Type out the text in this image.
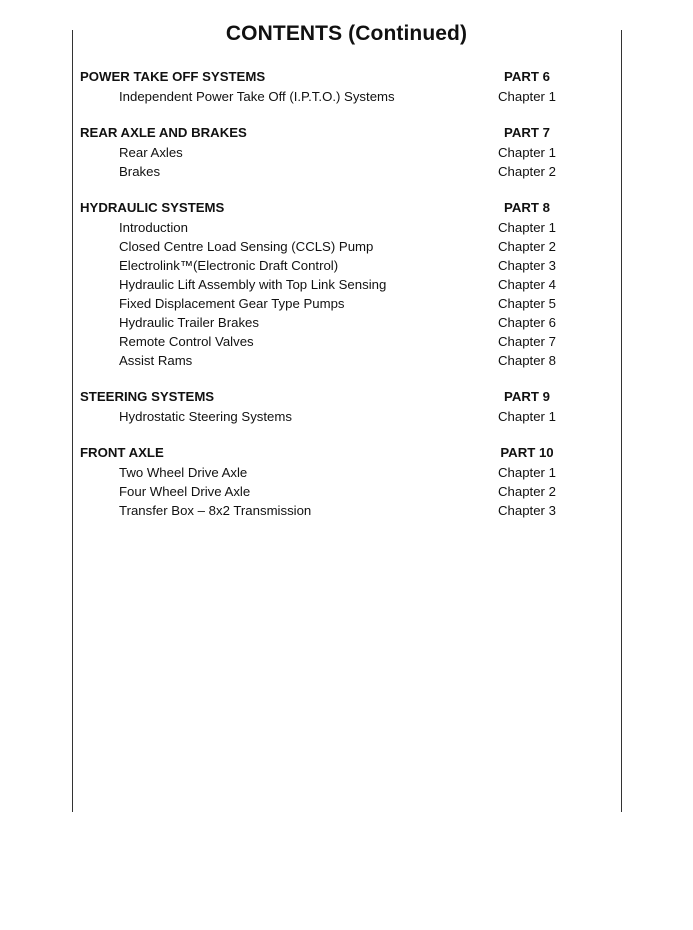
CONTENTS (Continued)
POWER TAKE OFF SYSTEMS	PART 6
Independent Power Take Off (I.P.T.O.) Systems	Chapter 1
REAR AXLE AND BRAKES	PART 7
Rear Axles	Chapter 1
Brakes	Chapter 2
HYDRAULIC SYSTEMS	PART 8
Introduction	Chapter 1
Closed Centre Load Sensing (CCLS) Pump	Chapter 2
Electrolink™(Electronic Draft Control)	Chapter 3
Hydraulic Lift Assembly with Top Link Sensing	Chapter 4
Fixed Displacement Gear Type Pumps	Chapter 5
Hydraulic Trailer Brakes	Chapter 6
Remote Control Valves	Chapter 7
Assist Rams	Chapter 8
STEERING SYSTEMS	PART 9
Hydrostatic Steering Systems	Chapter 1
FRONT AXLE	PART 10
Two Wheel Drive Axle	Chapter 1
Four Wheel Drive Axle	Chapter 2
Transfer Box – 8x2 Transmission	Chapter 3
